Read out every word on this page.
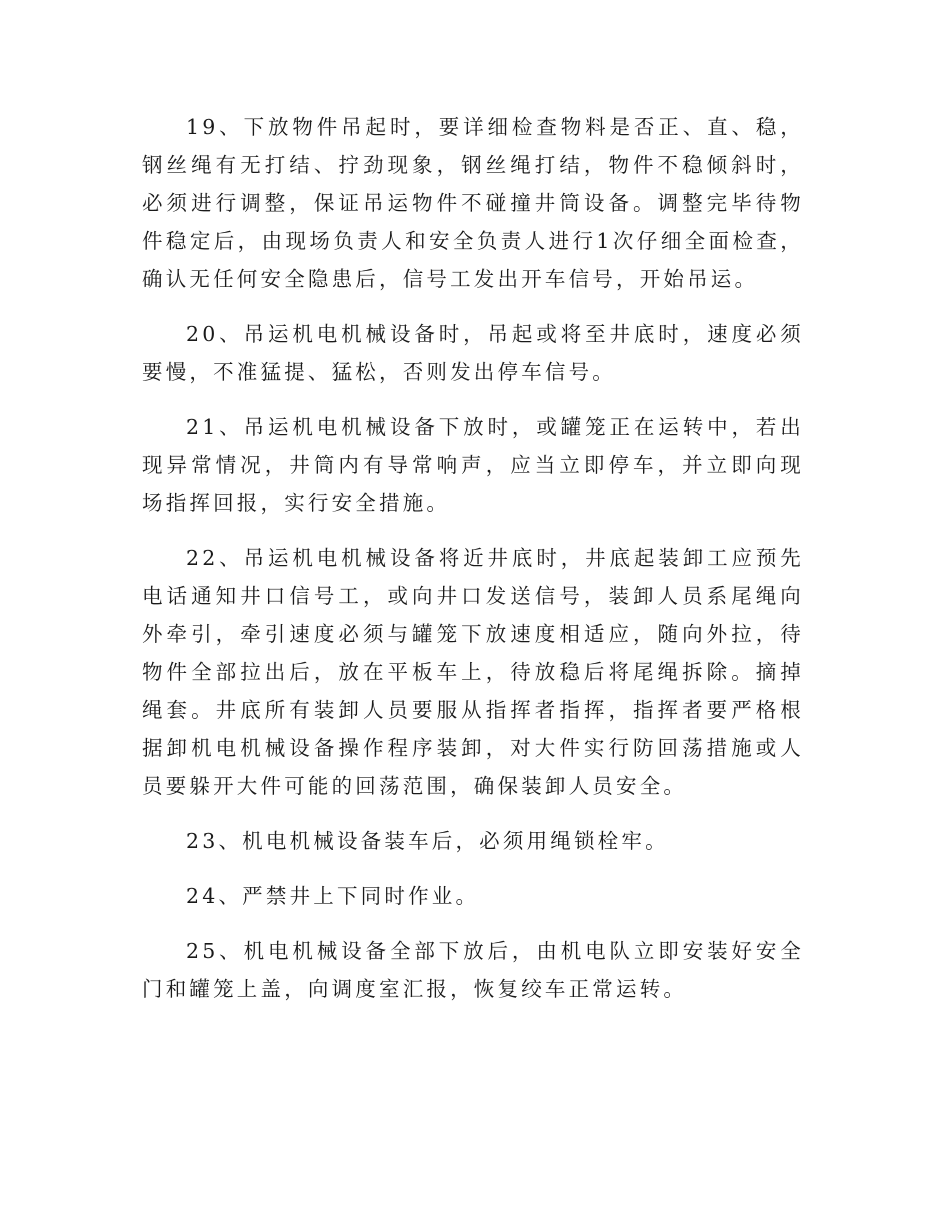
19、下放物件吊起时，要详细检查物料是否正、直、稳，钢丝绳有无打结、拧劲现象，钢丝绳打结，物件不稳倾斜时，必须进行调整，保证吊运物件不碰撞井筒设备。调整完毕待物件稳定后，由现场负责人和安全负责人进行1次仔细全面检查，确认无任何安全隐患后，信号工发出开车信号，开始吊运。

20、吊运机电机械设备时，吊起或将至井底时，速度必须要慢，不准猛提、猛松，否则发出停车信号。

21、吊运机电机械设备下放时，或罐笼正在运转中，若出现异常情况，井筒内有导常响声，应当立即停车，并立即向现场指挥回报，实行安全措施。

22、吊运机电机械设备将近井底时，井底起装卸工应预先电话通知井口信号工，或向井口发送信号，装卸人员系尾绳向外牵引，牵引速度必须与罐笼下放速度相适应，随向外拉，待物件全部拉出后，放在平板车上，待放稳后将尾绳拆除。摘掉绳套。井底所有装卸人员要服从指挥者指挥，指挥者要严格根据卸机电机械设备操作程序装卸，对大件实行防回荡措施或人员要躲开大件可能的回荡范围，确保装卸人员安全。

23、机电机械设备装车后，必须用绳锁栓牢。

24、严禁井上下同时作业。

25、机电机械设备全部下放后，由机电队立即安装好安全门和罐笼上盖，向调度室汇报，恢复绞车正常运转。
